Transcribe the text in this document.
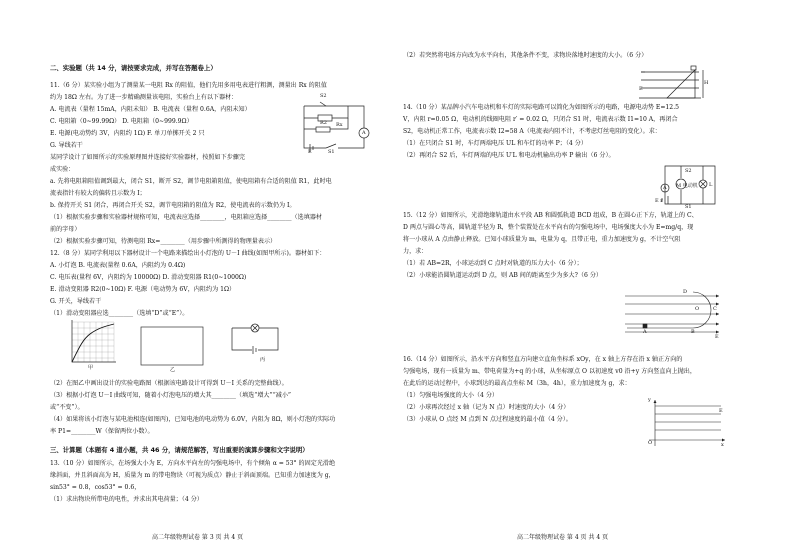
二、实验题（共 14 分，请按要求完成，并写在答题卷上）
11.（6 分）某实验小组为了测量某一电阻 Rx 的阻值，他们先用多用电表进行粗测，测量出 Rx 的阻值
约为 18Ω 左右。为了进一步精确测量该电阻，实验台上有以下器材：
A. 电流表（量程 15mA，内阻未知） B. 电流表（量程 0.6A，内阻未知）
C. 电阻箱（0~99.99Ω） D. 电阻箱（0~999.9Ω）
E. 电源(电动势约 3V，内阻约 1Ω) F. 单刀单掷开关 2 只
G. 导线若干
某同学设计了如图所示的实验原理图并连接好实验器材，按照如下步骤完
成实验：
a. 先将电阻箱阻值调到最大，闭合 S1，断开 S2，调节电阻箱阻值，使电阻箱有合适的阻值 R1，此时电
流表指针有较大的偏转且示数为 I；
b. 保持开关 S1 闭合，再闭合开关 S2，调节电阻箱的阻值为 R2，使电流表的示数仍为 I。
（1）根据实验步骤和实验器材规格可知，电流表应选择________，电阻箱应选择________（选填器材
前的字母）
（2）根据实验步骤可知，待测电阻 Rx=________（用步骤中所测得的物理量表示）
12.（8 分）某同学利用以下器材设计一个电路来描绘出小灯泡的 U－I 曲线(如图甲所示)。器材如下：
A. 小灯泡 B. 电流表(量程 0.6A，内阻约为 0.4Ω)
C. 电压表(量程 6V，内阻约为 10000Ω) D. 滑动变阻器 R1(0~1000Ω)
E. 滑动变阻器 R2(0~10Ω) F. 电源（电动势为 6V，内阻约为 1Ω）
G. 开关，导线若干
（1）滑动变阻器应选________（选填“D”或“E”）。
S2
R2 Rx
A
S1
E
甲	乙
丙
（2）在图乙中画出设计的实验电路图（根据该电路设计可得到 U－I 关系的完整曲线）。
（3）根据小灯泡 U－I 曲线可知，随着小灯泡电压的增大其________（填选“增大”“减小”
或“不变”）。
（4）如果将该小灯泡与某电池相连(如图丙)，已知电池的电动势为 6.0V，内阻为 8Ω，则小灯泡的实际功
率 P1=________W（保留两位小数）。
三、计算题（本题有 4 道小题，共 46 分，请规范解答，写出重要的演算步骤和文字说明）
13.（10 分）如图所示，在场强大小为 E，方向水平向左的匀强电场中，有个倾角 α = 53° 的固定光滑绝
缘斜面，并且斜面高为 H，质量为 m 的带电物块（可视为质点）静止于斜面顶端。已知重力加速度为 g，
sin53° = 0.8，cos53° = 0.6，
（1）求出物块所带电的电性，并求出其电荷量；（4 分）
高二年级物理试卷 第 3 页 共 4 页
（2）若突然将电场方向改为水平向右，其他条件不变，求物块落地时速度的大小。（6 分）
E
H
14.（10 分）某品牌小汽车电动机和车灯的实际电路可以简化为如图所示的电路，电源电动势 E=12.5
V，内阻 r=0.05 Ω，电动机的线圈电阻 r′ = 0.02 Ω，只闭合 S1 时，电流表示数 I1=10 A，再闭合
S2，电动机正常工作，电流表示数 I2=58 A（电流表内阻不计，不考虑灯丝电阻的变化）。求：
（1）在只闭合 S1 时，车灯两端电压 UL 和车灯的功率 P；（4 分）
（2）再闭合 S2 后，车灯两端的电压 U′L 和电动机输出功率 P 输出（6 分）。
S2
M 电动机 L
A
S1
E r
15.（12 分）如图所示，光滑绝缘轨道由水平段 AB 和圆弧轨道 BCD 组成，B 在圆心正下方，轨道上的 C、
D 两点与圆心等高，圆轨道半径为 R，整个装置处在水平向右的匀强电场中，电场强度大小为 E=mg/q，现
将一小球从 A 点由静止释放。已知小球质量为 m，电量为 q，且带正电，重力加速度为 g，不计空气阻
力，求：
（1）若 AB=2R，小球运动到 C 点时对轨道的压力大小（6 分）；
（2）小球能沿圆轨道运动到 D 点，则 AB 间的距离至少为多大?（6 分）
D
O	C
B
A
E
16.（14 分）如图所示，沿水平方向和竖直方向建立直角坐标系 xOy，在 x 轴上方存在沿 x 轴正方向的
匀强电场，现有一质量为 m、带电荷量为+q 的小球，从坐标原点 O 以初速度 v0 沿+y 方向竖直向上抛出，
在此后的运动过程中，小球到达的最高点坐标 M（3h，4h），重力加速度为 g，求：
（1）匀强电场强度的大小（4 分）
（2）小球再次经过 x 轴（记为 N 点）时速度的大小（4 分）
（3）小球从 O 点经 M 点到 N 点过程速度的最小值（4 分）。
y
E
O	x
高二年级物理试卷 第 4 页 共 4 页
